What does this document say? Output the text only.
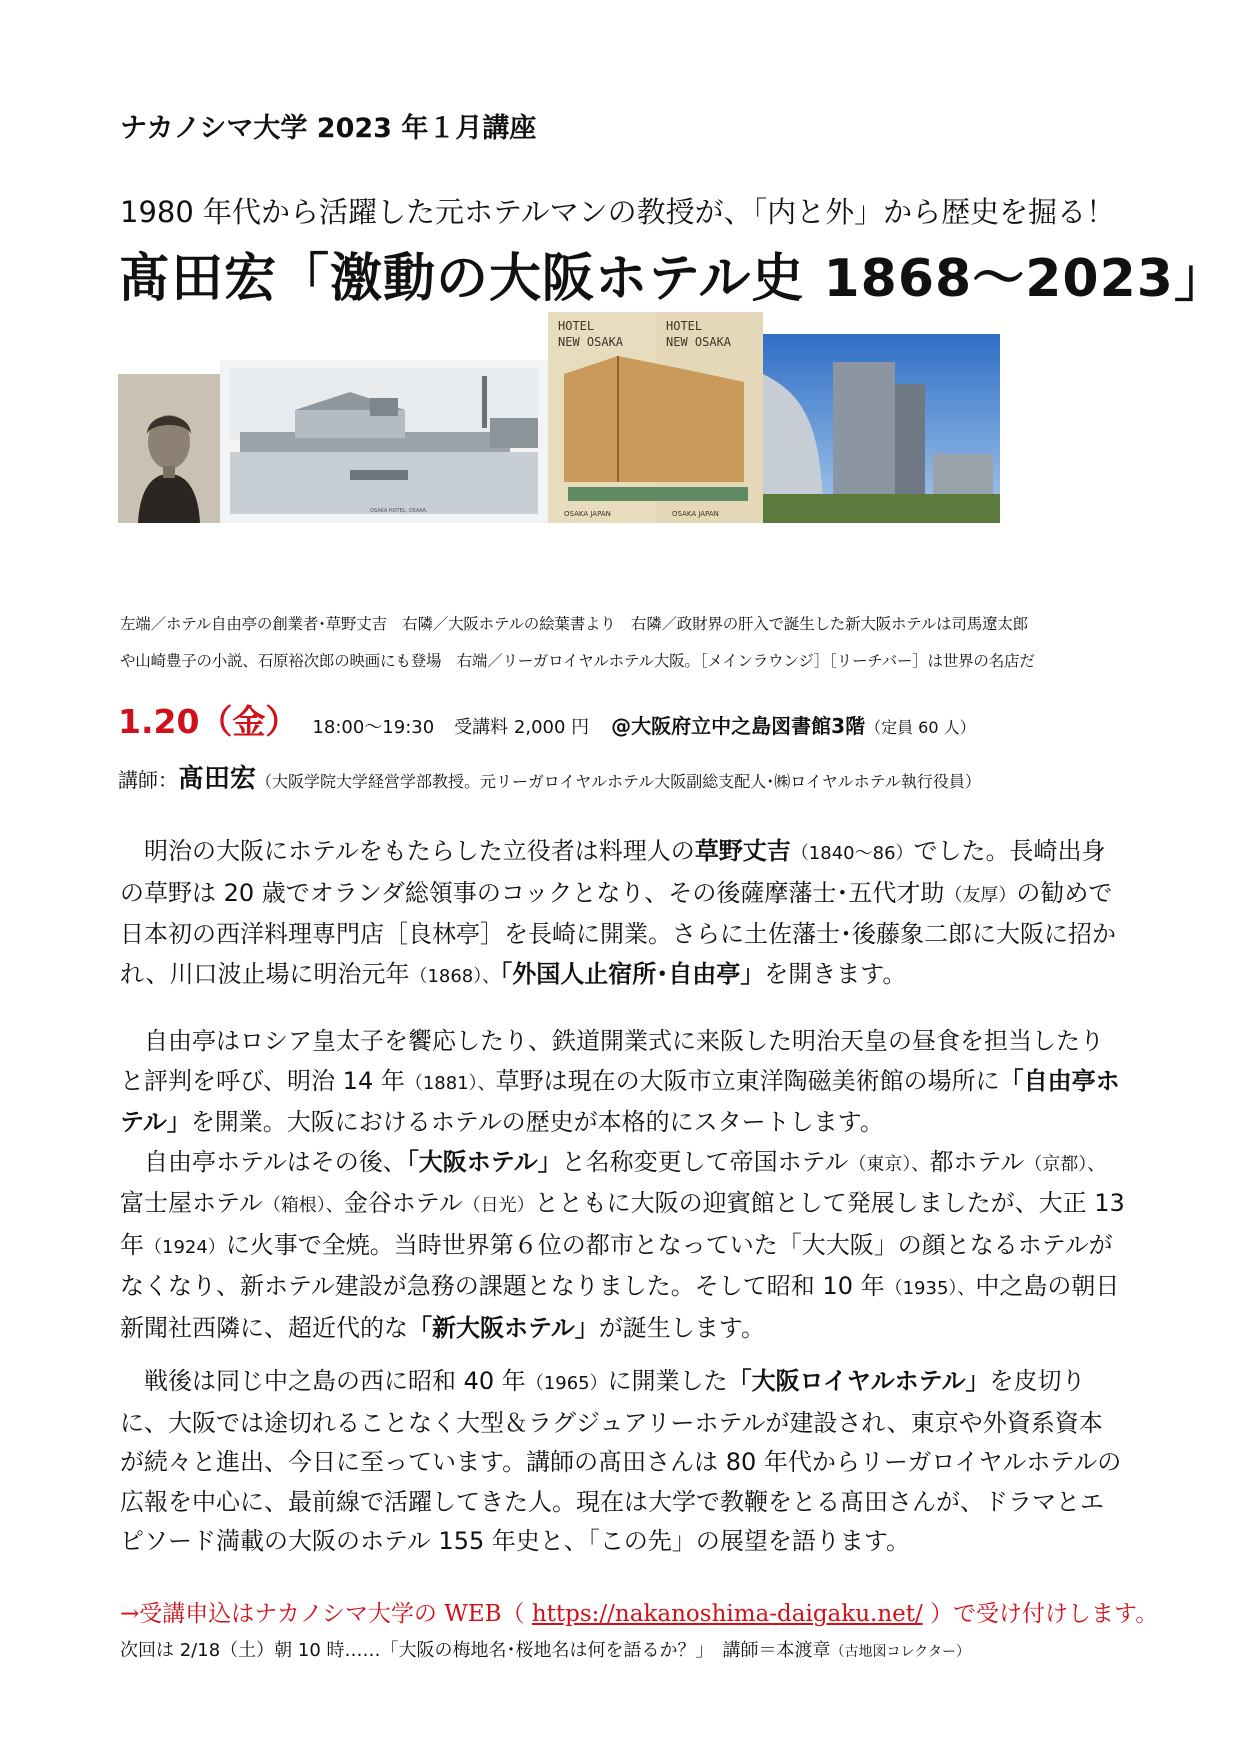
ナカノシマ大学 2023 年１月講座
1980 年代から活躍した元ホテルマンの教授が、「内と外」から歴史を掘る！
髙田宏「激動の大阪ホテル史 1868～2023」
OSAKA HOTEL, OSAKA.
HOTEL
NEW OSAKA
HOTEL
NEW OSAKA
OSAKA JAPAN	OSAKA JAPAN
左端／ホテル自由亭の創業者･草野丈吉　右隣／大阪ホテルの絵葉書より　右隣／政財界の肝入で誕生した新大阪ホテルは司馬遼太郎
や山崎豊子の小説、石原裕次郎の映画にも登場　右端／リーガロイヤルホテル大阪。［メインラウンジ］［リーチバー］は世界の名店だ
1.20（金） 18:00～19:30 受講料 2,000 円 @大阪府立中之島図書館3階（定員 60 人）
講師：髙田宏（大阪学院大学経営学部教授。元リーガロイヤルホテル大阪副総支配人･㈱ロイヤルホテル執行役員）

明治の大阪にホテルをもたらした立役者は料理人の草野丈吉（1840～86）でした。長崎出身の草野は 20 歳でオランダ総領事のコックとなり、その後薩摩藩士･五代才助（友厚）の勧めで日本初の西洋料理専門店［良林亭］を長崎に開業。さらに土佐藩士･後藤象二郎に大阪に招かれ、川口波止場に明治元年（1868）、「外国人止宿所･自由亭」を開きます。

自由亭はロシア皇太子を饗応したり、鉄道開業式に来阪した明治天皇の昼食を担当したりと評判を呼び、明治 14 年（1881）、草野は現在の大阪市立東洋陶磁美術館の場所に「自由亭ホテル」を開業。大阪におけるホテルの歴史が本格的にスタートします。

自由亭ホテルはその後、「大阪ホテル」と名称変更して帝国ホテル（東京）、都ホテル（京都）、富士屋ホテル（箱根）、金谷ホテル（日光）とともに大阪の迎賓館として発展しましたが、大正 13 年（1924）に火事で全焼。当時世界第６位の都市となっていた「大大阪」の顔となるホテルがなくなり、新ホテル建設が急務の課題となりました。そして昭和 10 年（1935）、中之島の朝日新聞社西隣に、超近代的な「新大阪ホテル」が誕生します。

戦後は同じ中之島の西に昭和 40 年（1965）に開業した「大阪ロイヤルホテル」を皮切りに、大阪では途切れることなく大型＆ラグジュアリーホテルが建設され、東京や外資系資本が続々と進出、今日に至っています。講師の髙田さんは 80 年代からリーガロイヤルホテルの広報を中心に、最前線で活躍してきた人。現在は大学で教鞭をとる髙田さんが、ドラマとエピソード満載の大阪のホテル 155 年史と、「この先」の展望を語ります。

→受講申込はナカノシマ大学の WEB（ https://nakanoshima-daigaku.net/ ）で受け付けします。
次回は 2/18（土）朝 10 時……「大阪の梅地名･桜地名は何を語るか？」　講師＝本渡章（古地図コレクター）
